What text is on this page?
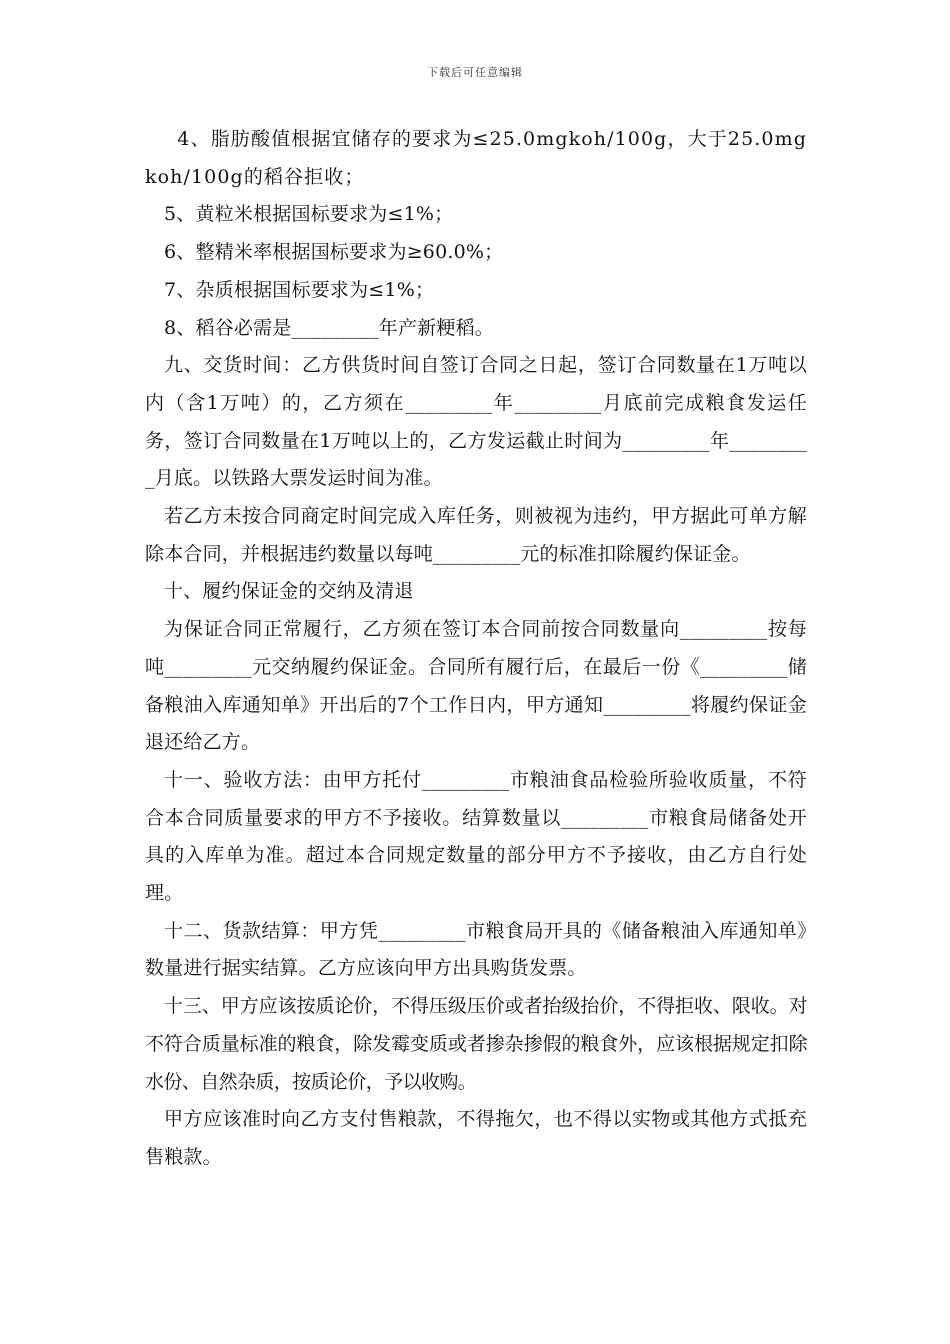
下载后可任意编辑

4、脂肪酸值根据宜储存的要求为≤25.0mgkoh/100g，大于25.0mgkoh/100g的稻谷拒收；

5、黄粒米根据国标要求为≤1%；

6、整精米率根据国标要求为≥60.0%；

7、杂质根据国标要求为≤1%；

8、稻谷必需是_________年产新粳稻。

九、交货时间：乙方供货时间自签订合同之日起，签订合同数量在1万吨以内（含1万吨）的，乙方须在_________年_________月底前完成粮食发运任务，签订合同数量在1万吨以上的，乙方发运截止时间为_________年_________月底。以铁路大票发运时间为准。

若乙方未按合同商定时间完成入库任务，则被视为违约，甲方据此可单方解除本合同，并根据违约数量以每吨_________元的标准扣除履约保证金。

十、履约保证金的交纳及清退

为保证合同正常履行，乙方须在签订本合同前按合同数量向_________按每吨_________元交纳履约保证金。合同所有履行后，在最后一份《_________储备粮油入库通知单》开出后的7个工作日内，甲方通知_________将履约保证金退还给乙方。

十一、验收方法：由甲方托付_________市粮油食品检验所验收质量，不符合本合同质量要求的甲方不予接收。结算数量以_________市粮食局储备处开具的入库单为准。超过本合同规定数量的部分甲方不予接收，由乙方自行处理。

十二、货款结算：甲方凭_________市粮食局开具的《储备粮油入库通知单》数量进行据实结算。乙方应该向甲方出具购货发票。

十三、甲方应该按质论价，不得压级压价或者抬级抬价，不得拒收、限收。对不符合质量标准的粮食，除发霉变质或者掺杂掺假的粮食外，应该根据规定扣除水份、自然杂质，按质论价，予以收购。

甲方应该准时向乙方支付售粮款，不得拖欠，也不得以实物或其他方式抵充售粮款。
